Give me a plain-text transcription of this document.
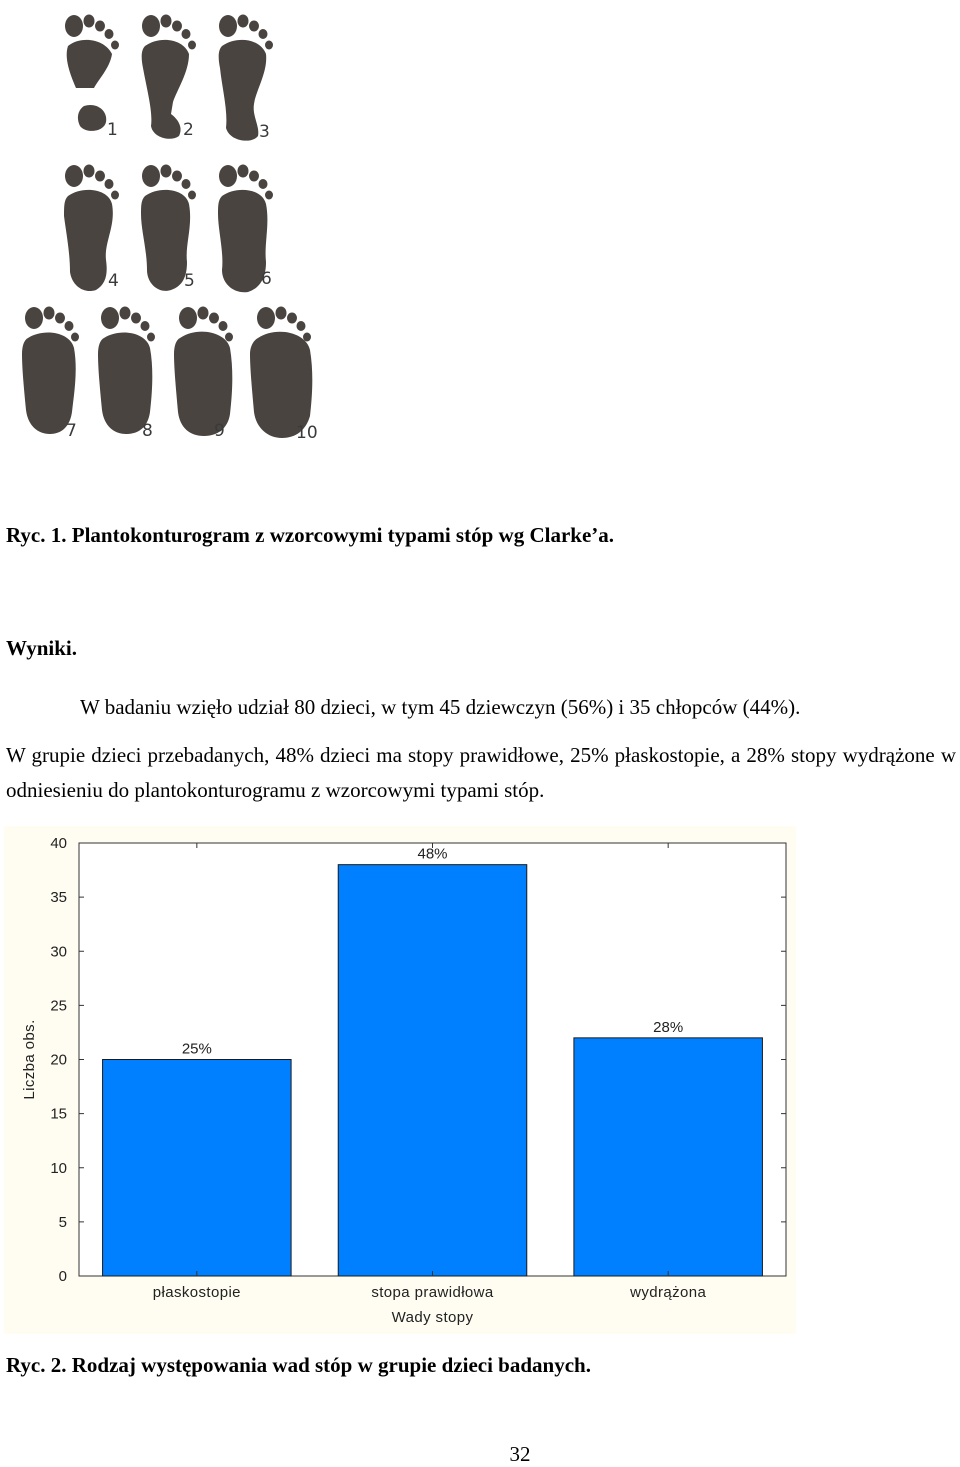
1	2	3
4	5	6
7	8	9	10
Ryc. 1. Plantokonturogram z wzorcowymi typami stóp wg Clarke’a.
Wyniki.
W badaniu wzięło udział 80 dzieci, w tym 45 dziewczyn (56%) i 35 chłopców (44%).
W grupie dzieci przebadanych, 48% dzieci ma stopy prawidłowe, 25% płaskostopie, a 28% stopy wydrążone w odniesieniu do plantokonturogramu z wzorcowymi typami stóp.
0
5
10
15
20
25
30
35
40
25%
płaskostopie
48%
stopa prawidłowa
28%
wydrążona
Wady stopy
Liczba obs.
Ryc. 2. Rodzaj występowania wad stóp w grupie dzieci badanych.
32
